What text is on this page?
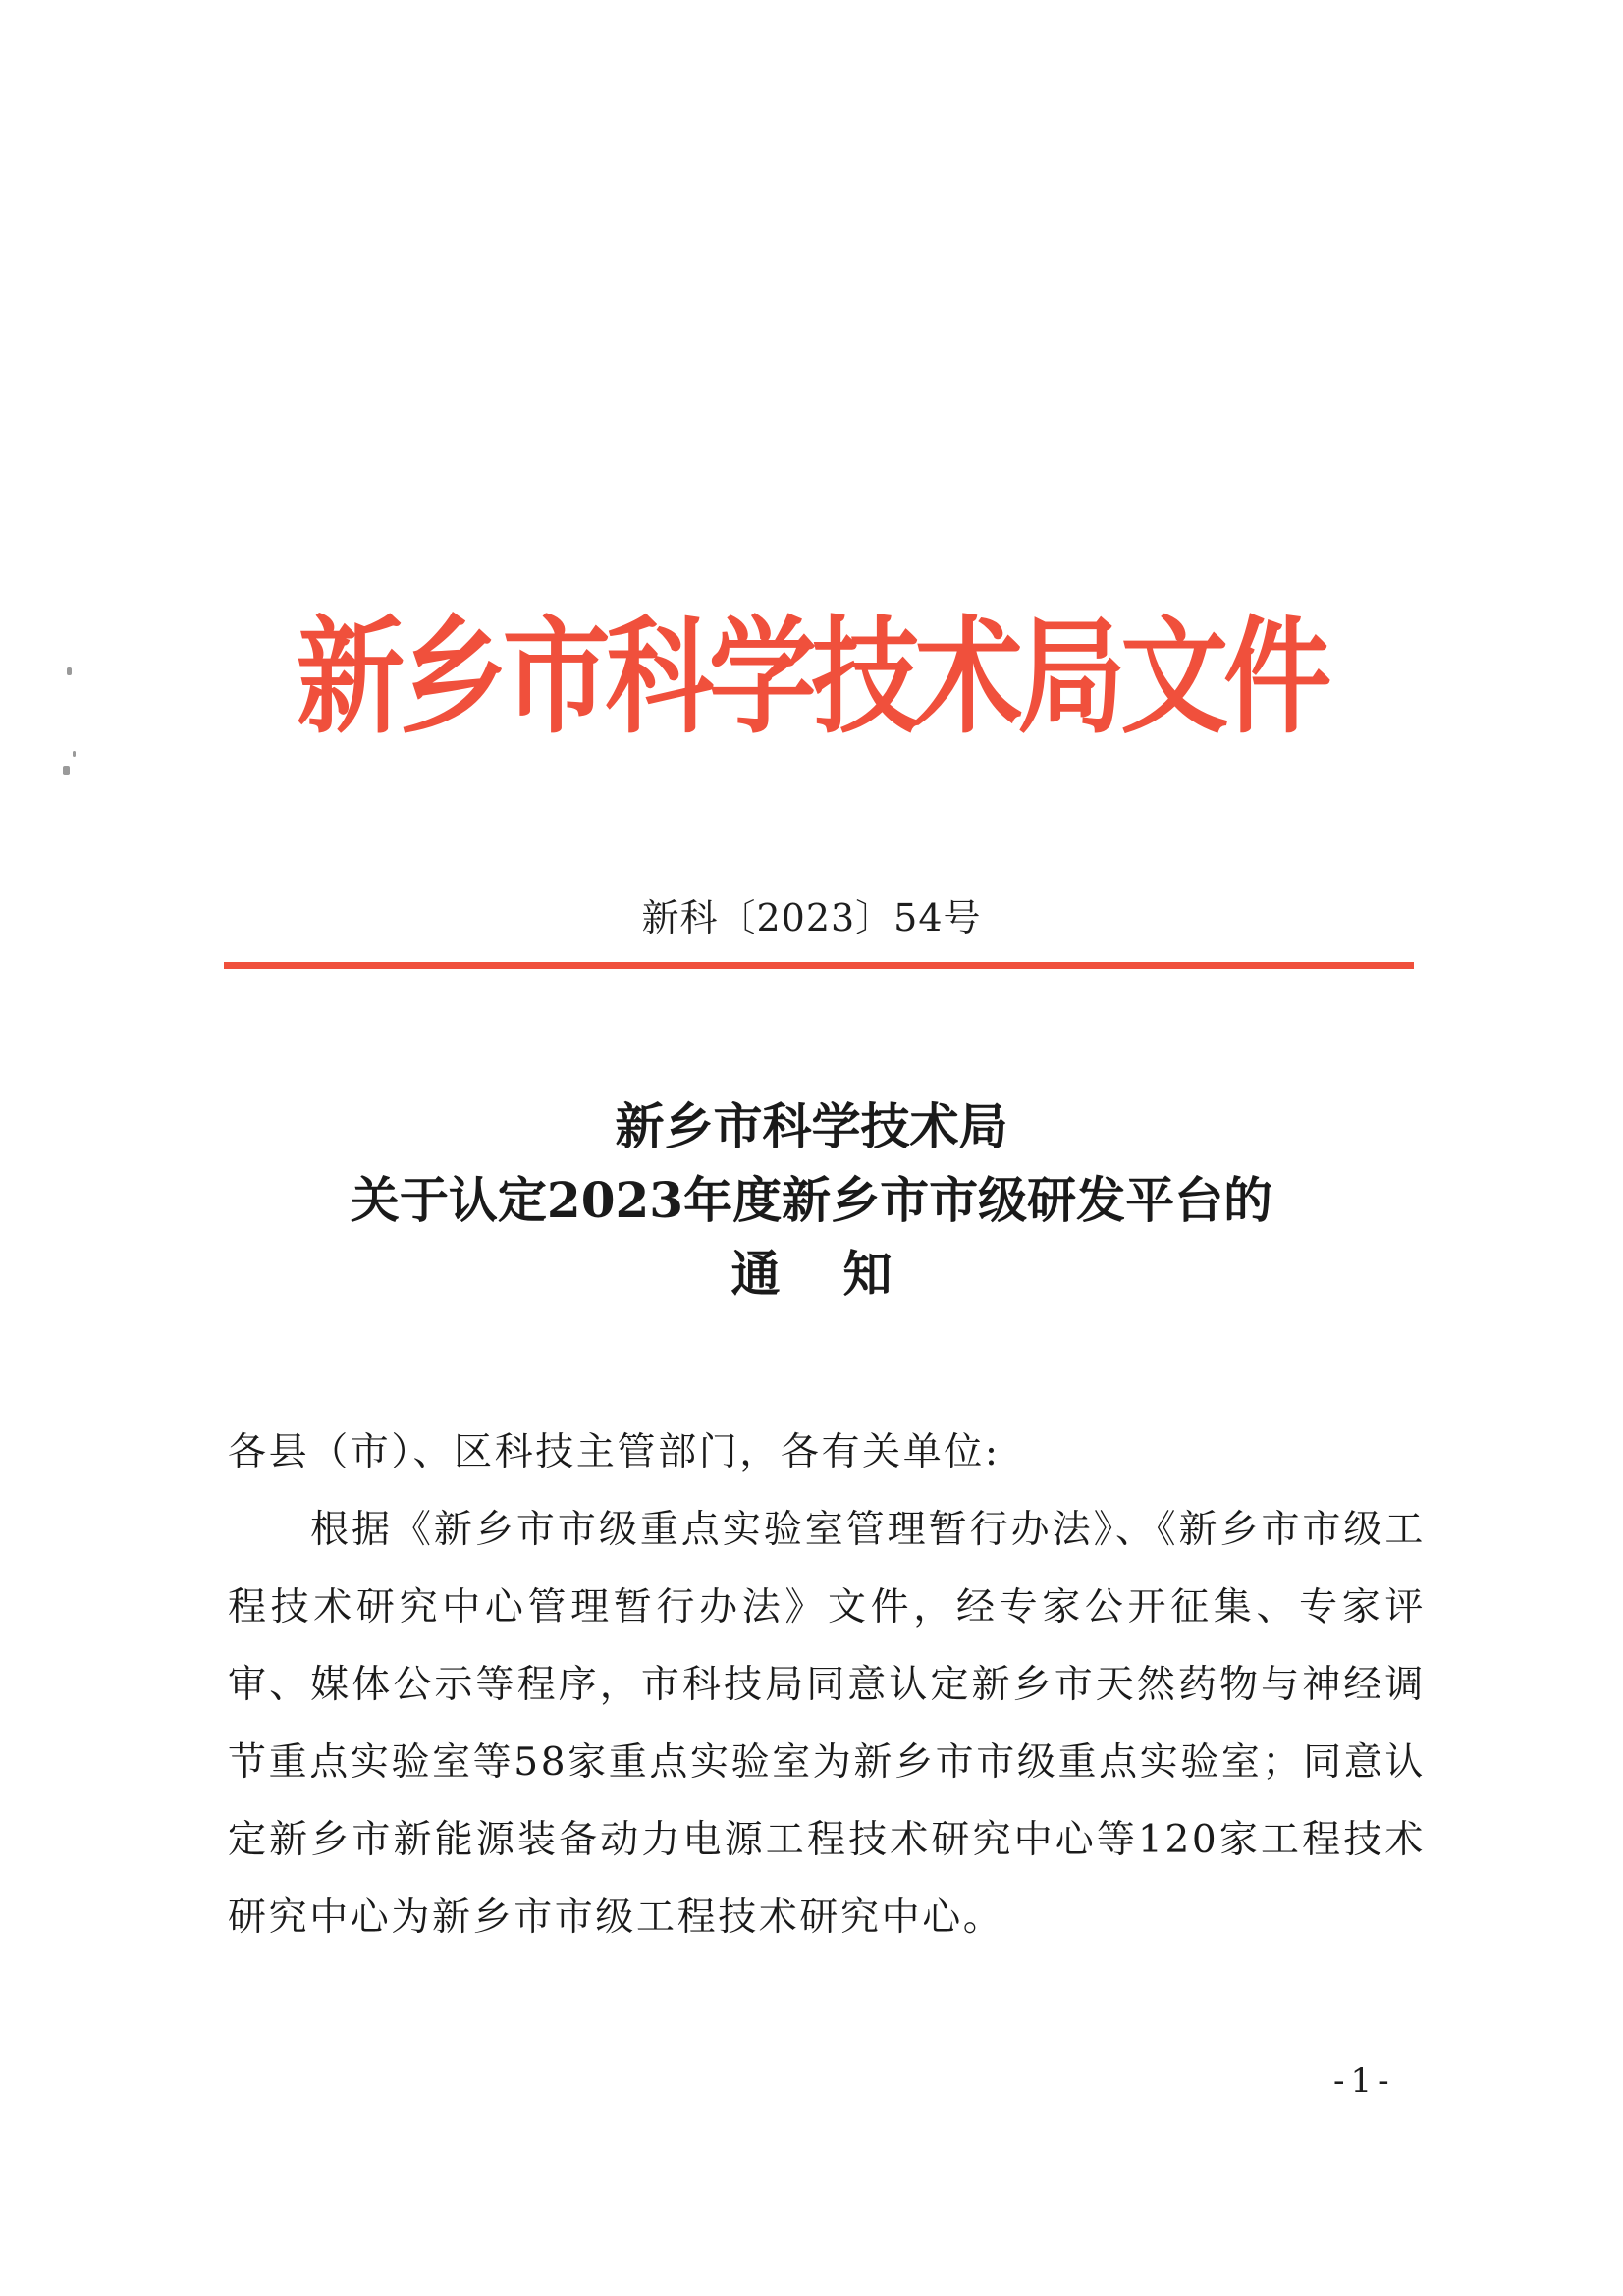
新乡市科学技术局文件
新科〔2023〕54号
新乡市科学技术局
关于认定2023年度新乡市市级研发平台的
通知

各县（市）、区科技主管部门，各有关单位:

根据《新乡市市级重点实验室管理暂行办法》、《新乡市市级工程技术研究中心管理暂行办法》文件，经专家公开征集、专家评审、媒体公示等程序，市科技局同意认定新乡市天然药物与神经调节重点实验室等58家重点实验室为新乡市市级重点实验室；同意认定新乡市新能源装备动力电源工程技术研究中心等120家工程技术研究中心为新乡市市级工程技术研究中心。

-1-
